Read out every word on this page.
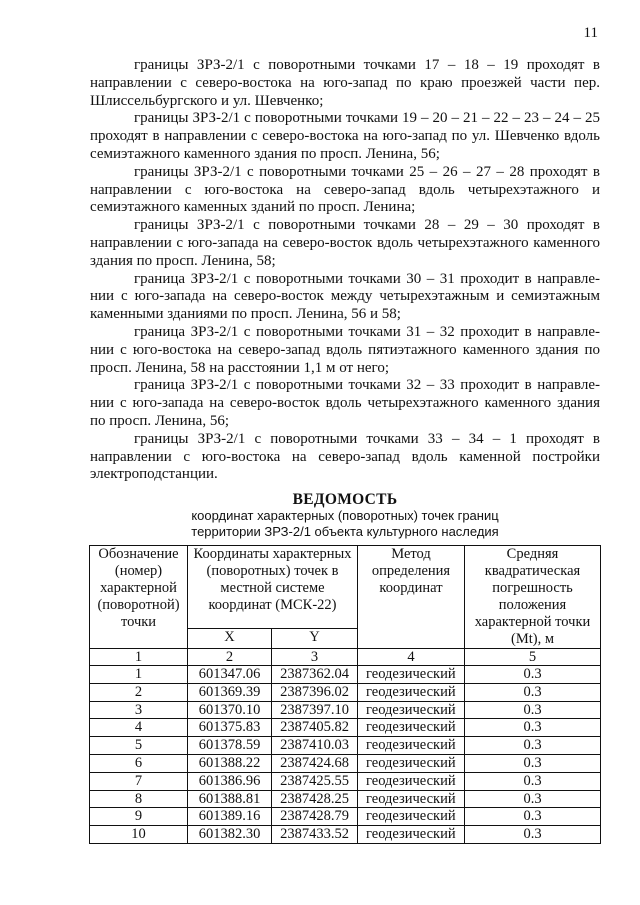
11

границы ЗРЗ-2/1 с поворотными точками 17 – 18 – 19 проходят в направлении с северо-востока на юго-запад по краю проезжей части пер. Шлиссельбургского и ул. Шевченко;

границы ЗРЗ-2/1 с поворотными точками 19 – 20 – 21 – 22 – 23 – 24 – 25 проходят в направлении с северо-востока на юго-запад по ул. Шевченко вдоль семиэтажного каменного здания по просп. Ленина, 56;

границы ЗРЗ-2/1 с поворотными точками 25 – 26 – 27 – 28 проходят в направлении с юго-востока на северо-запад вдоль четырехэтажного и семиэтажного каменных зданий по просп. Ленина;

границы ЗРЗ-2/1 с поворотными точками 28 – 29 – 30 проходят в направлении с юго-запада на северо-восток вдоль четырехэтажного каменного здания по просп. Ленина, 58;

граница ЗРЗ-2/1 с поворотными точками 30 – 31 проходит в направлении с юго-запада на северо-восток между четырехэтажным и семиэтажным каменными зданиями по просп. Ленина, 56 и 58;

граница ЗРЗ-2/1 с поворотными точками 31 – 32 проходит в направлении с юго-востока на северо-запад вдоль пятиэтажного каменного здания по просп. Ленина, 58 на расстоянии 1,1 м от него;

граница ЗРЗ-2/1 с поворотными точками 32 – 33 проходит в направлении с юго-запада на северо-восток вдоль четырехэтажного каменного здания по просп. Ленина, 56;

границы ЗРЗ-2/1 с поворотными точками 33 – 34 – 1 проходят в направлении с юго-востока на северо-запад вдоль каменной постройки электроподстанции.

ВЕДОМОСТЬ
координат характерных (поворотных) точек границ
территории ЗРЗ-2/1 объекта культурного наследия
Обозначение (номер) характерной (поворотной) точки	Координаты характерных (поворотных) точек в местной системе координат (МСК-22)		Метод определения координат	Средняя квадратическая погрешность положения характерной точки (Mt), м
	X	Y		
1	2	3	4	5
1	601347.06	2387362.04	геодезический	0.3
2	601369.39	2387396.02	геодезический	0.3
3	601370.10	2387397.10	геодезический	0.3
4	601375.83	2387405.82	геодезический	0.3
5	601378.59	2387410.03	геодезический	0.3
6	601388.22	2387424.68	геодезический	0.3
7	601386.96	2387425.55	геодезический	0.3
8	601388.81	2387428.25	геодезический	0.3
9	601389.16	2387428.79	геодезический	0.3
10	601382.30	2387433.52	геодезический	0.3
